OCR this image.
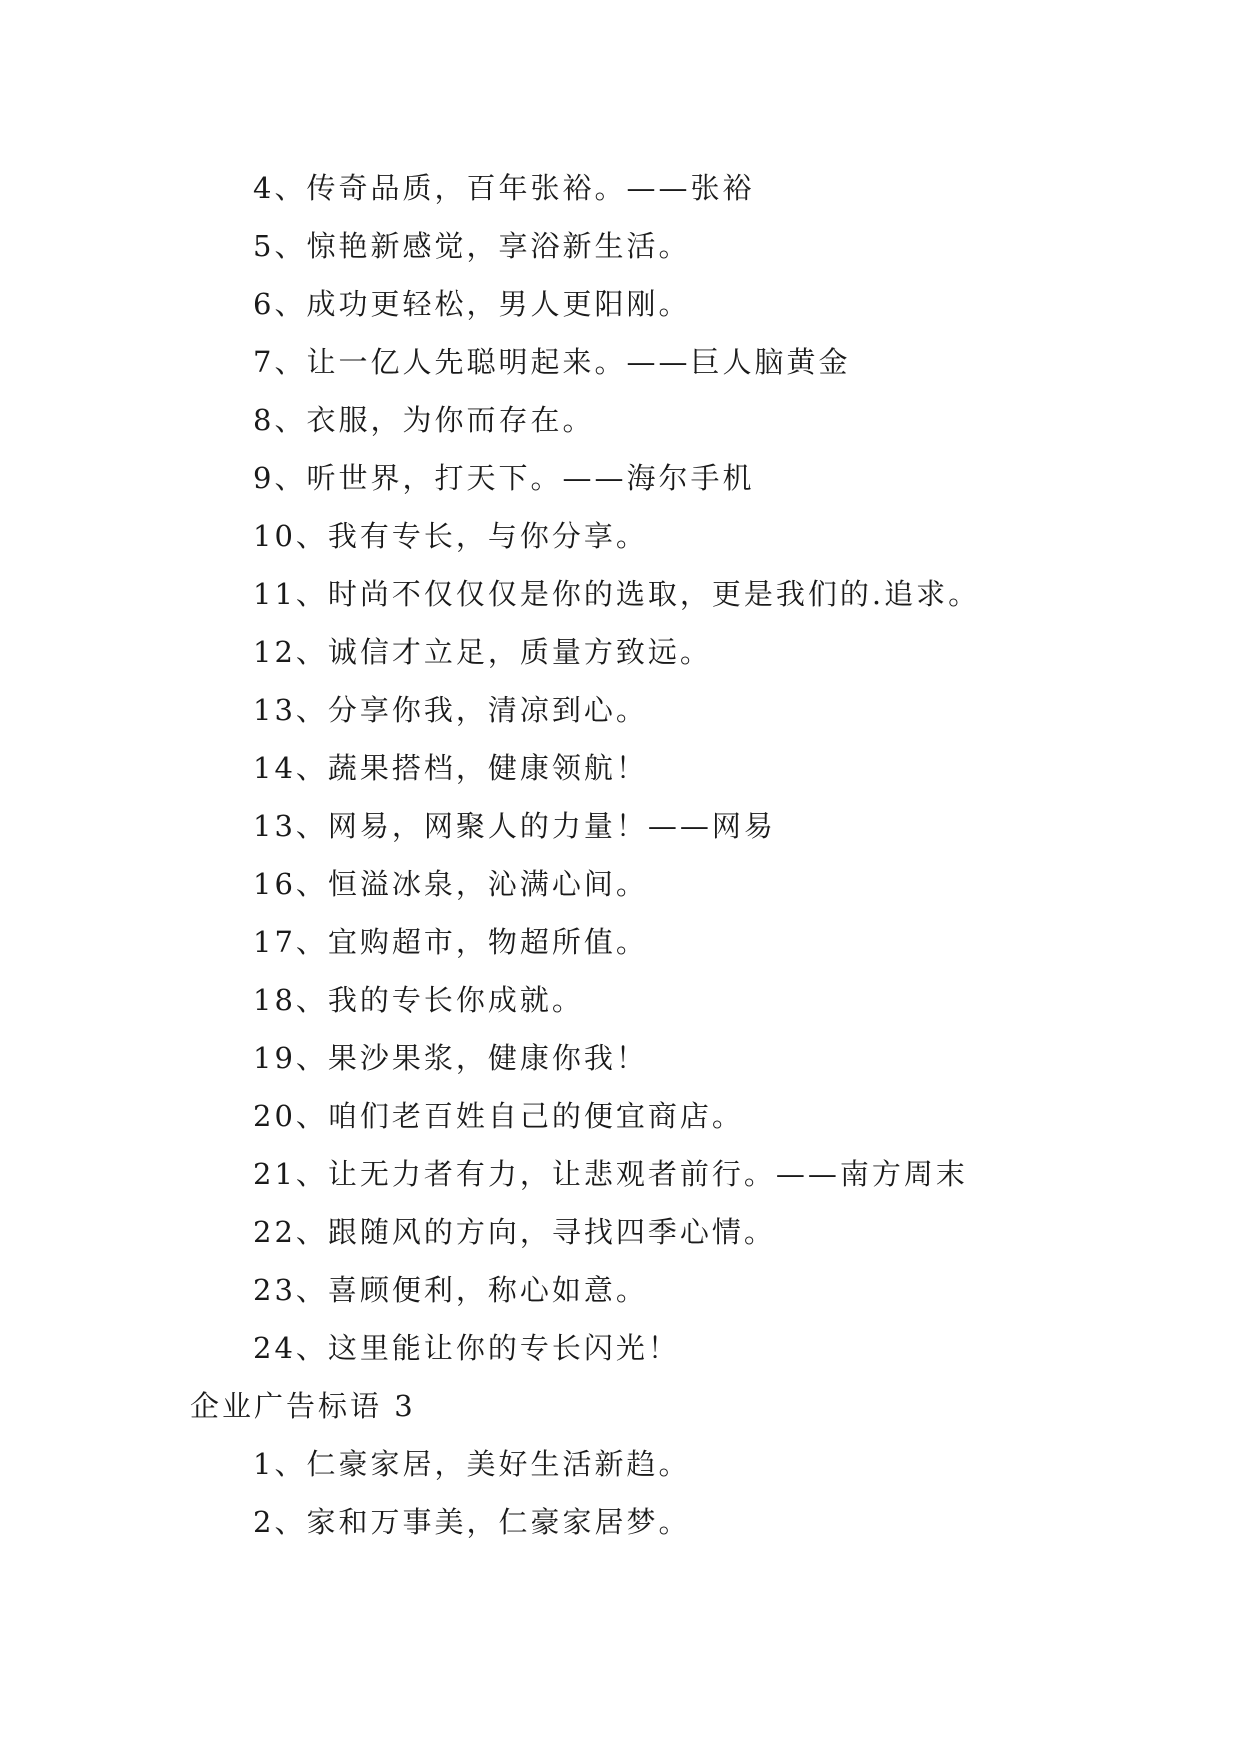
4、传奇品质，百年张裕。——张裕
5、惊艳新感觉，享浴新生活。
6、成功更轻松，男人更阳刚。
7、让一亿人先聪明起来。——巨人脑黄金
8、衣服，为你而存在。
9、听世界，打天下。——海尔手机
10、我有专长，与你分享。
11、时尚不仅仅仅是你的选取，更是我们的.追求。
12、诚信才立足，质量方致远。
13、分享你我，清凉到心。
14、蔬果搭档，健康领航！
13、网易，网聚人的力量！——网易
16、恒溢冰泉，沁满心间。
17、宜购超市，物超所值。
18、我的专长你成就。
19、果沙果浆，健康你我！
20、咱们老百姓自己的便宜商店。
21、让无力者有力，让悲观者前行。——南方周末
22、跟随风的方向，寻找四季心情。
23、喜顾便利，称心如意。
24、这里能让你的专长闪光！
企业广告标语 3
1、仁豪家居，美好生活新趋。
2、家和万事美，仁豪家居梦。
